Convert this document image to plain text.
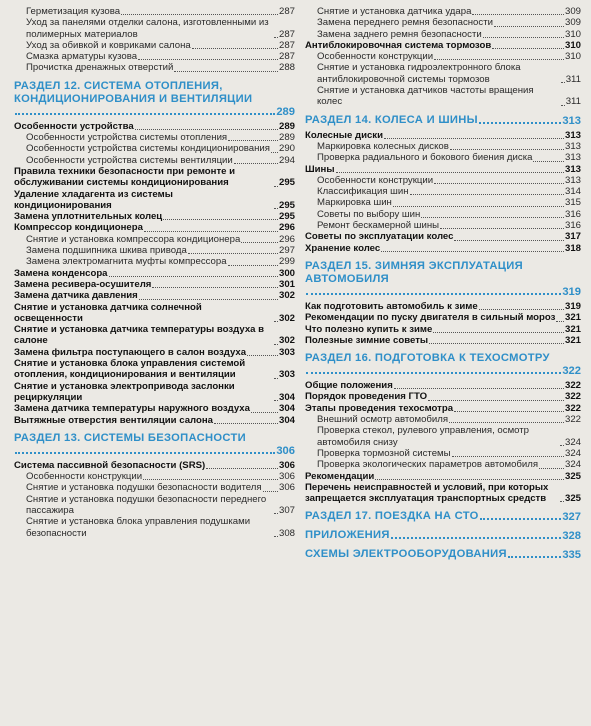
Герметизация кузова	287
Уход за панелями отделки салона, изготовленными из полимерных материалов	287
Уход за обивкой и ковриками салона	287
Смазка арматуры кузова	287
Прочистка дренажных отверстий	288
РАЗДЕЛ 12. СИСТЕМА ОТОПЛЕНИЯ, КОНДИЦИОНИРОВАНИЯ И ВЕНТИЛЯЦИИ
289
Особенности устройства	289
Особенности устройства системы отопления	289
Особенности устройства системы кондиционирования 290
Особенности устройства системы вентиляции	294
Правила техники безопасности при ремонте и обслуживании системы кондиционирования	295
Удаление хладагента из системы кондиционирования	295
Замена уплотнительных колец	295
Компрессор кондиционера	296
Снятие и установка компрессора кондиционера	296
Замена подшипника шкива привода	297
Замена электромагнита муфты компрессора	299
Замена конденсора	300
Замена ресивера-осушителя	301
Замена датчика давления	302
Снятие и установка датчика солнечной освещенности	302
Снятие и установка датчика температуры воздуха в салоне	302
Замена фильтра поступающего в салон воздуха	303
Снятие и установка блока управления системой отопления, кондиционирования и вентиляции	303
Снятие и установка электропривода заслонки рециркуляции	304
Замена датчика температуры наружного воздуха	304
Вытяжные отверстия вентиляции салона	304
РАЗДЕЛ 13. СИСТЕМЫ БЕЗОПАСНОСТИ
306
Система пассивной безопасности (SRS)	306
Особенности конструкции	306
Снятие и установка подушки безопасности водителя 306
Снятие и установка подушки безопасности переднего пассажира	307
Снятие и установка блока управления подушками безопасности	308
Снятие и установка датчика удара	309
Замена переднего ремня безопасности	309
Замена заднего ремня безопасности	310
Антиблокировочная система тормозов	310
Особенности конструкции	310
Снятие и установка гидроэлектронного блока антиблокировочной системы тормозов	311
Снятие и установка датчиков частоты вращения колес	311
РАЗДЕЛ 14. КОЛЕСА И ШИНЫ	313
Колесные диски	313
Маркировка колесных дисков	313
Проверка радиального и бокового биения диска	313
Шины	313
Особенности конструкции	313
Классификация шин	314
Маркировка шин	315
Советы по выбору шин	316
Ремонт бескамерной шины	316
Советы по эксплуатации колес	317
Хранение колес	318
РАЗДЕЛ 15. ЗИМНЯЯ ЭКСПЛУАТАЦИЯ АВТОМОБИЛЯ
319
Как подготовить автомобиль к зиме	319
Рекомендации по пуску двигателя в сильный мороз 321
Что полезно купить к зиме	321
Полезные зимние советы	321
РАЗДЕЛ 16. ПОДГОТОВКА К ТЕХОСМОТРУ
322
Общие положения	322
Порядок проведения ГТО	322
Этапы проведения техосмотра	322
Внешний осмотр автомобиля	322
Проверка стекол, рулевого управления, осмотр автомобиля снизу	324
Проверка тормозной системы	324
Проверка экологических параметров автомобиля	324
Рекомендации	325
Перечень неисправностей и условий, при которых запрещается эксплуатация транспортных средств	325
РАЗДЕЛ 17. ПОЕЗДКА НА СТО	327
ПРИЛОЖЕНИЯ	328
СХЕМЫ ЭЛЕКТРООБОРУДОВАНИЯ	335
